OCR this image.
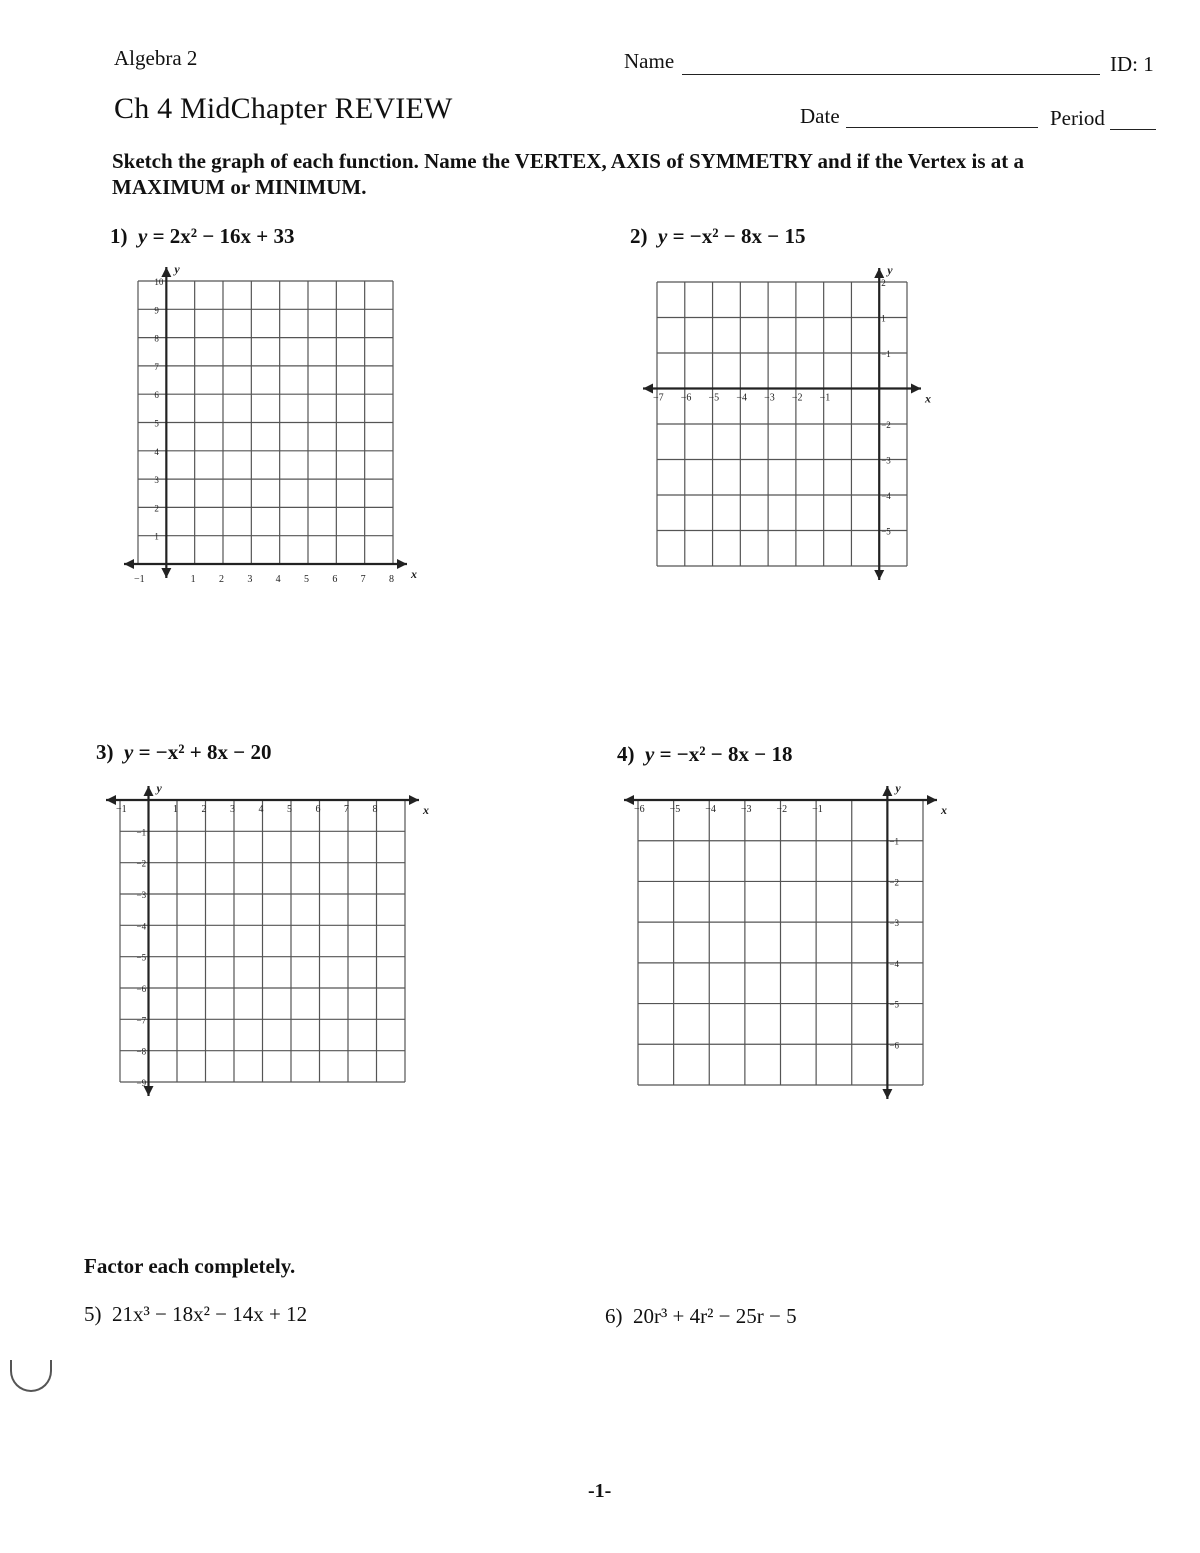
Algebra 2
Ch 4 MidChapter REVIEW
Name	ID: 1
Date	Period
Sketch the graph of each function. Name the VERTEX, AXIS of SYMMETRY and if the Vertex is at a MAXIMUM or MINIMUM.
1) y = 2x² − 16x + 33	2) y = −x² − 8x − 15
3) y = −x² + 8x − 20	4) y = −x² − 8x − 18
x
y
−1	1 2 3 4 5 6 7 8
10
9
8
7
6
5
4
3
2
1
x
y
−7 −6 −5 −4 −3 −2 −1
2
1
−1
−2
−3
−4
−5
x
y
−1	1 2 3 4 5 6 7 8
−1
−2
−3
−4
−5
−6
−7
−8
−9
x
y
−6 −5 −4 −3 −2 −1
−1
−2
−3
−4
−5
−6
Factor each completely.
5) 21x³ − 18x² − 14x + 12	6) 20r³ + 4r² − 25r − 5
-1-
